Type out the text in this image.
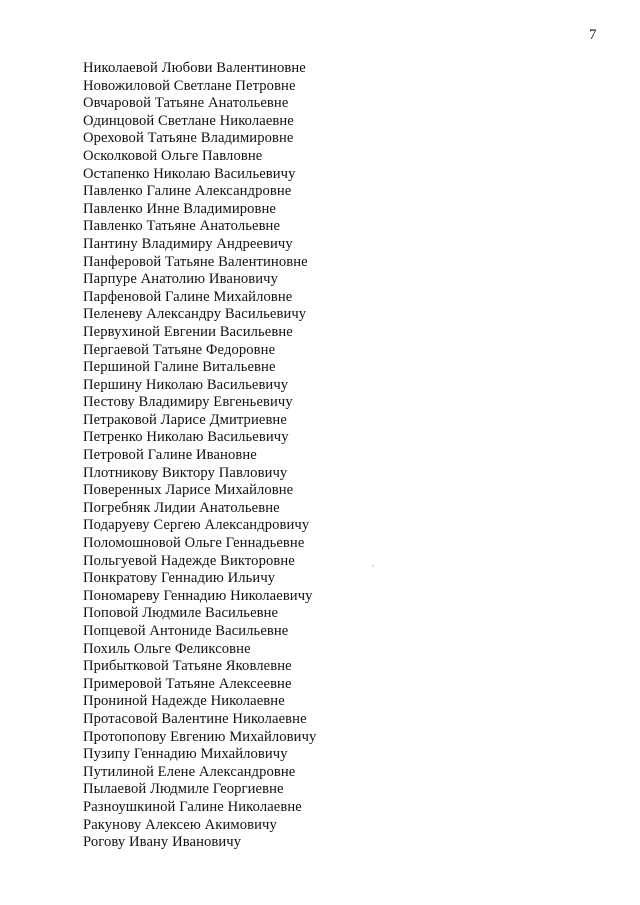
7
Николаевой Любови Валентиновне
Новожиловой Светлане Петровне
Овчаровой Татьяне Анатольевне
Одинцовой Светлане Николаевне
Ореховой Татьяне Владимировне
Осколковой Ольге Павловне
Остапенко Николаю Васильевичу
Павленко Галине Александровне
Павленко Инне Владимировне
Павленко Татьяне Анатольевне
Пантину Владимиру Андреевичу
Панферовой Татьяне Валентиновне
Парпуре Анатолию Ивановичу
Парфеновой Галине Михайловне
Пеленеву Александру Васильевичу
Первухиной Евгении Васильевне
Пергаевой Татьяне Федоровне
Першиной Галине Витальевне
Першину Николаю Васильевичу
Пестову Владимиру Евгеньевичу
Петраковой Ларисе Дмитриевне
Петренко Николаю Васильевичу
Петровой Галине Ивановне
Плотникову Виктору Павловичу
Поверенных Ларисе Михайловне
Погребняк Лидии Анатольевне
Подаруеву Сергею Александровичу
Поломошновой Ольге Геннадьевне
Польгуевой Надежде Викторовне
Понкратову Геннадию Ильичу
Пономареву Геннадию Николаевичу
Поповой Людмиле Васильевне
Попцевой Антониде Васильевне
Похиль Ольге Феликсовне
Прибытковой Татьяне Яковлевне
Примеровой Татьяне Алексеевне
Прониной Надежде Николаевне
Протасовой Валентине Николаевне
Протопопову Евгению Михайловичу
Пузипу Геннадию Михайловичу
Путилиной Елене Александровне
Пылаевой Людмиле Георгиевне
Разноушкиной Галине Николаевне
Ракунову Алексею Акимовичу
Рогову Ивану Ивановичу
